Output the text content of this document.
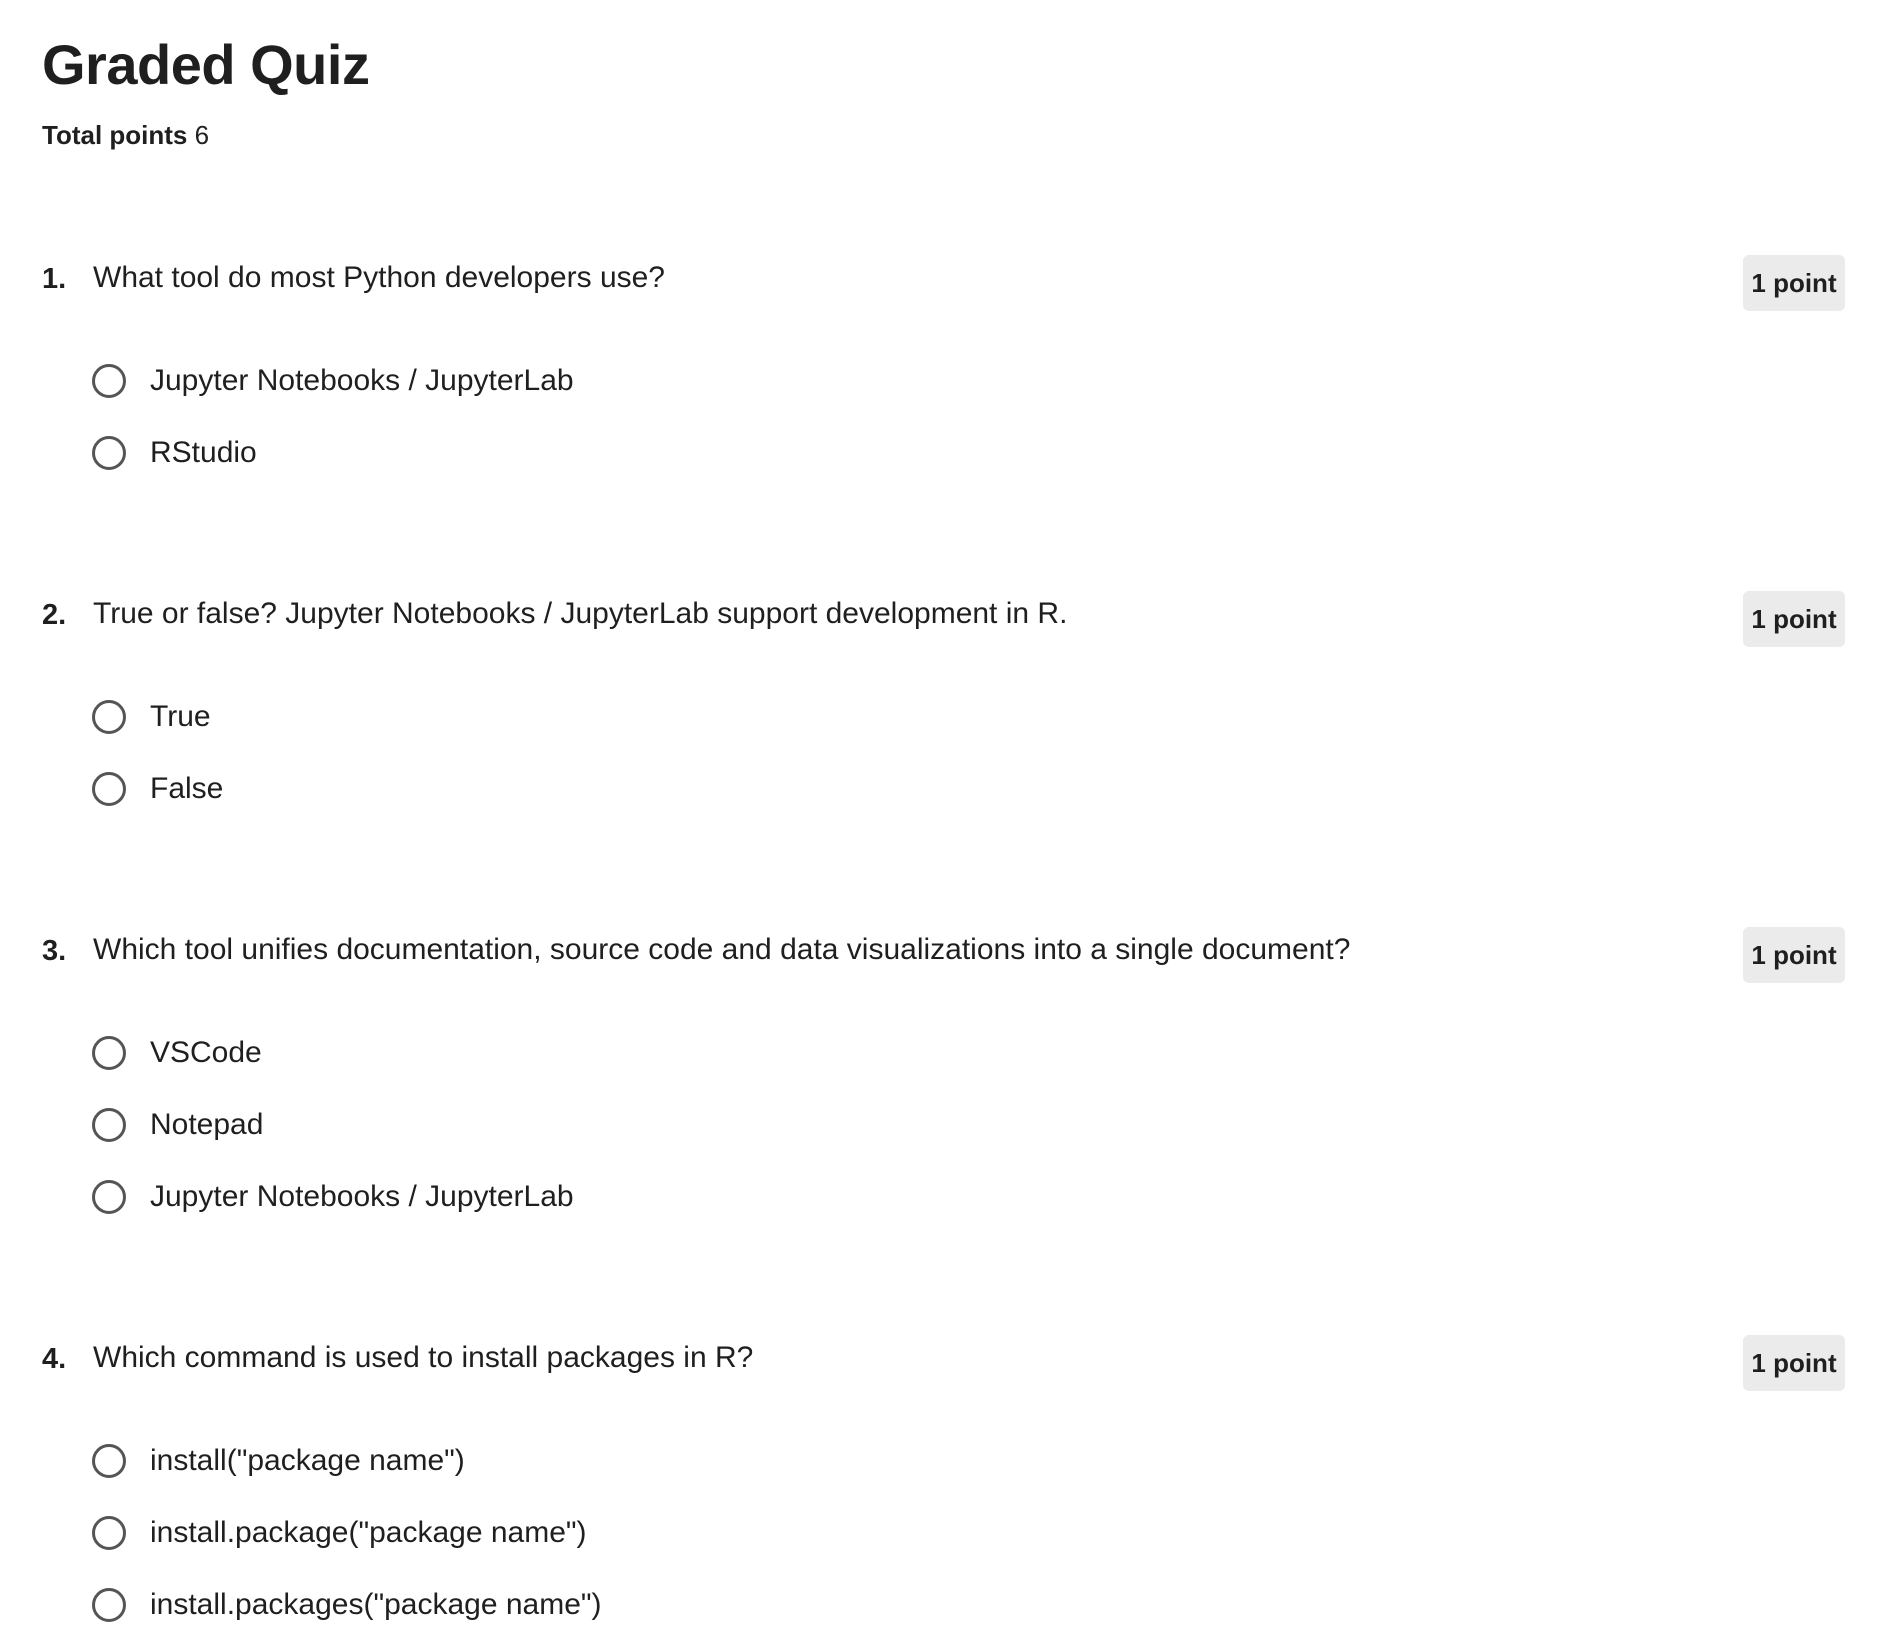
Graded Quiz
Total points 6
1. What tool do most Python developers use?	1 point
Jupyter Notebooks / JupyterLab
RStudio
2. True or false? Jupyter Notebooks / JupyterLab support development in R.	1 point
True
False
3. Which tool unifies documentation, source code and data visualizations into a single document?	1 point
VSCode
Notepad
Jupyter Notebooks / JupyterLab
4. Which command is used to install packages in R?	1 point
install("package name")
install.package("package name")
install.packages("package name")
